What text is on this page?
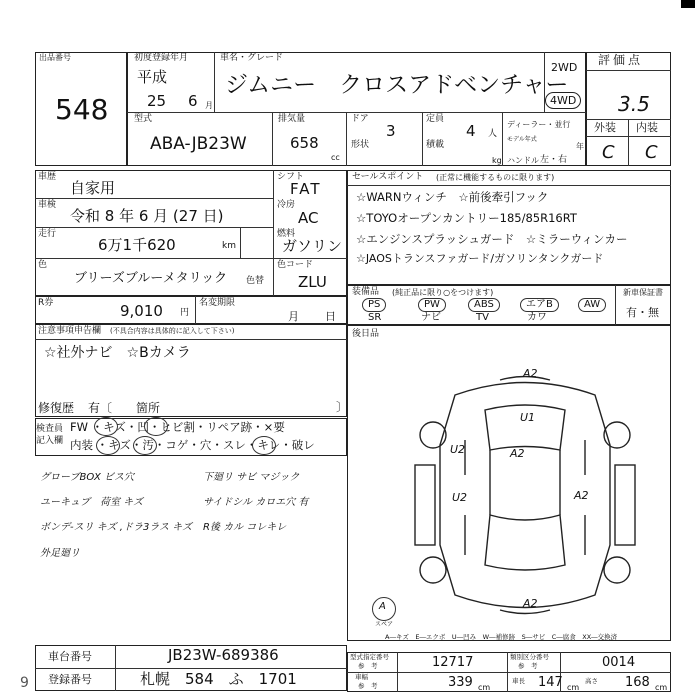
出品番号
548
初度登録年月	車名・グレード
平成
25 6 月
ジムニー　クロスアドベンチャー
2WD
4WD
型式
ABA-JB23W
排気量
658
cc
ドア
3
形状
定員
4 人
積載
kg
ディーラー・並行
モデル年式
年
ハンドル 左・右
評価点
3.5
外装 内装
C C
車歴
自家用
車検
令和 8 年 6 月 (27 日)
走行
6万1千620	km
色
ブリーズブルーメタリック 色替
シフト
FAT
冷房
AC
燃料
ガソリン
色コード
ZLU
セールスポイント (正常に機能するものに限ります)
☆WARNウィンチ　☆前後牽引フック
☆TOYOオープンカントリー185/85R16RT
☆エンジンスプラッシュガード　☆ミラーウィンカー
☆JAOSトランスファガード/ガソリンタンクガード
装備品 (純正品に限り○をつけます)	新車保証書
有・無
PS
SR
PW
ナビ
ABS
TV
エアB
カワ
AW
R券	9,010 円
名変期限
月 日
注意事項申告欄 (不具合内容は具体的に記入して下さい)
☆社外ナビ　☆Bカメラ
修復歴 有〔　　箇所	〕
後日品
検査員
記入欄
FW ・キズ・凹・ヒビ割・リペア跡・×要
内装 ・キズ・汚・コゲ・穴・スレ・キレ・破レ
グローブBOX ビス穴
ユーキュブ　荷室 キズ
ボンデ-スリ キズ ,ドラ3ラス キズ
外足廻リ
下廻リ サビ マジック
サイドシル カロエ穴 有
R後 カル コレキレ
A2
U1
U2
U2	A2
A2
A2
A
スペア
A―キズ　E―エクボ　U―凹み　W―補修跡　S―サビ　C―腐食　XX―交換済
車台番号	JB23W-689386
登録番号	札幌　584　ふ　1701
9
型式指定番号
参　考	12717	類別区分番号
参　考	0014
車幅
参　考	339 cm
車長 147 cm
高さ 168 cm
